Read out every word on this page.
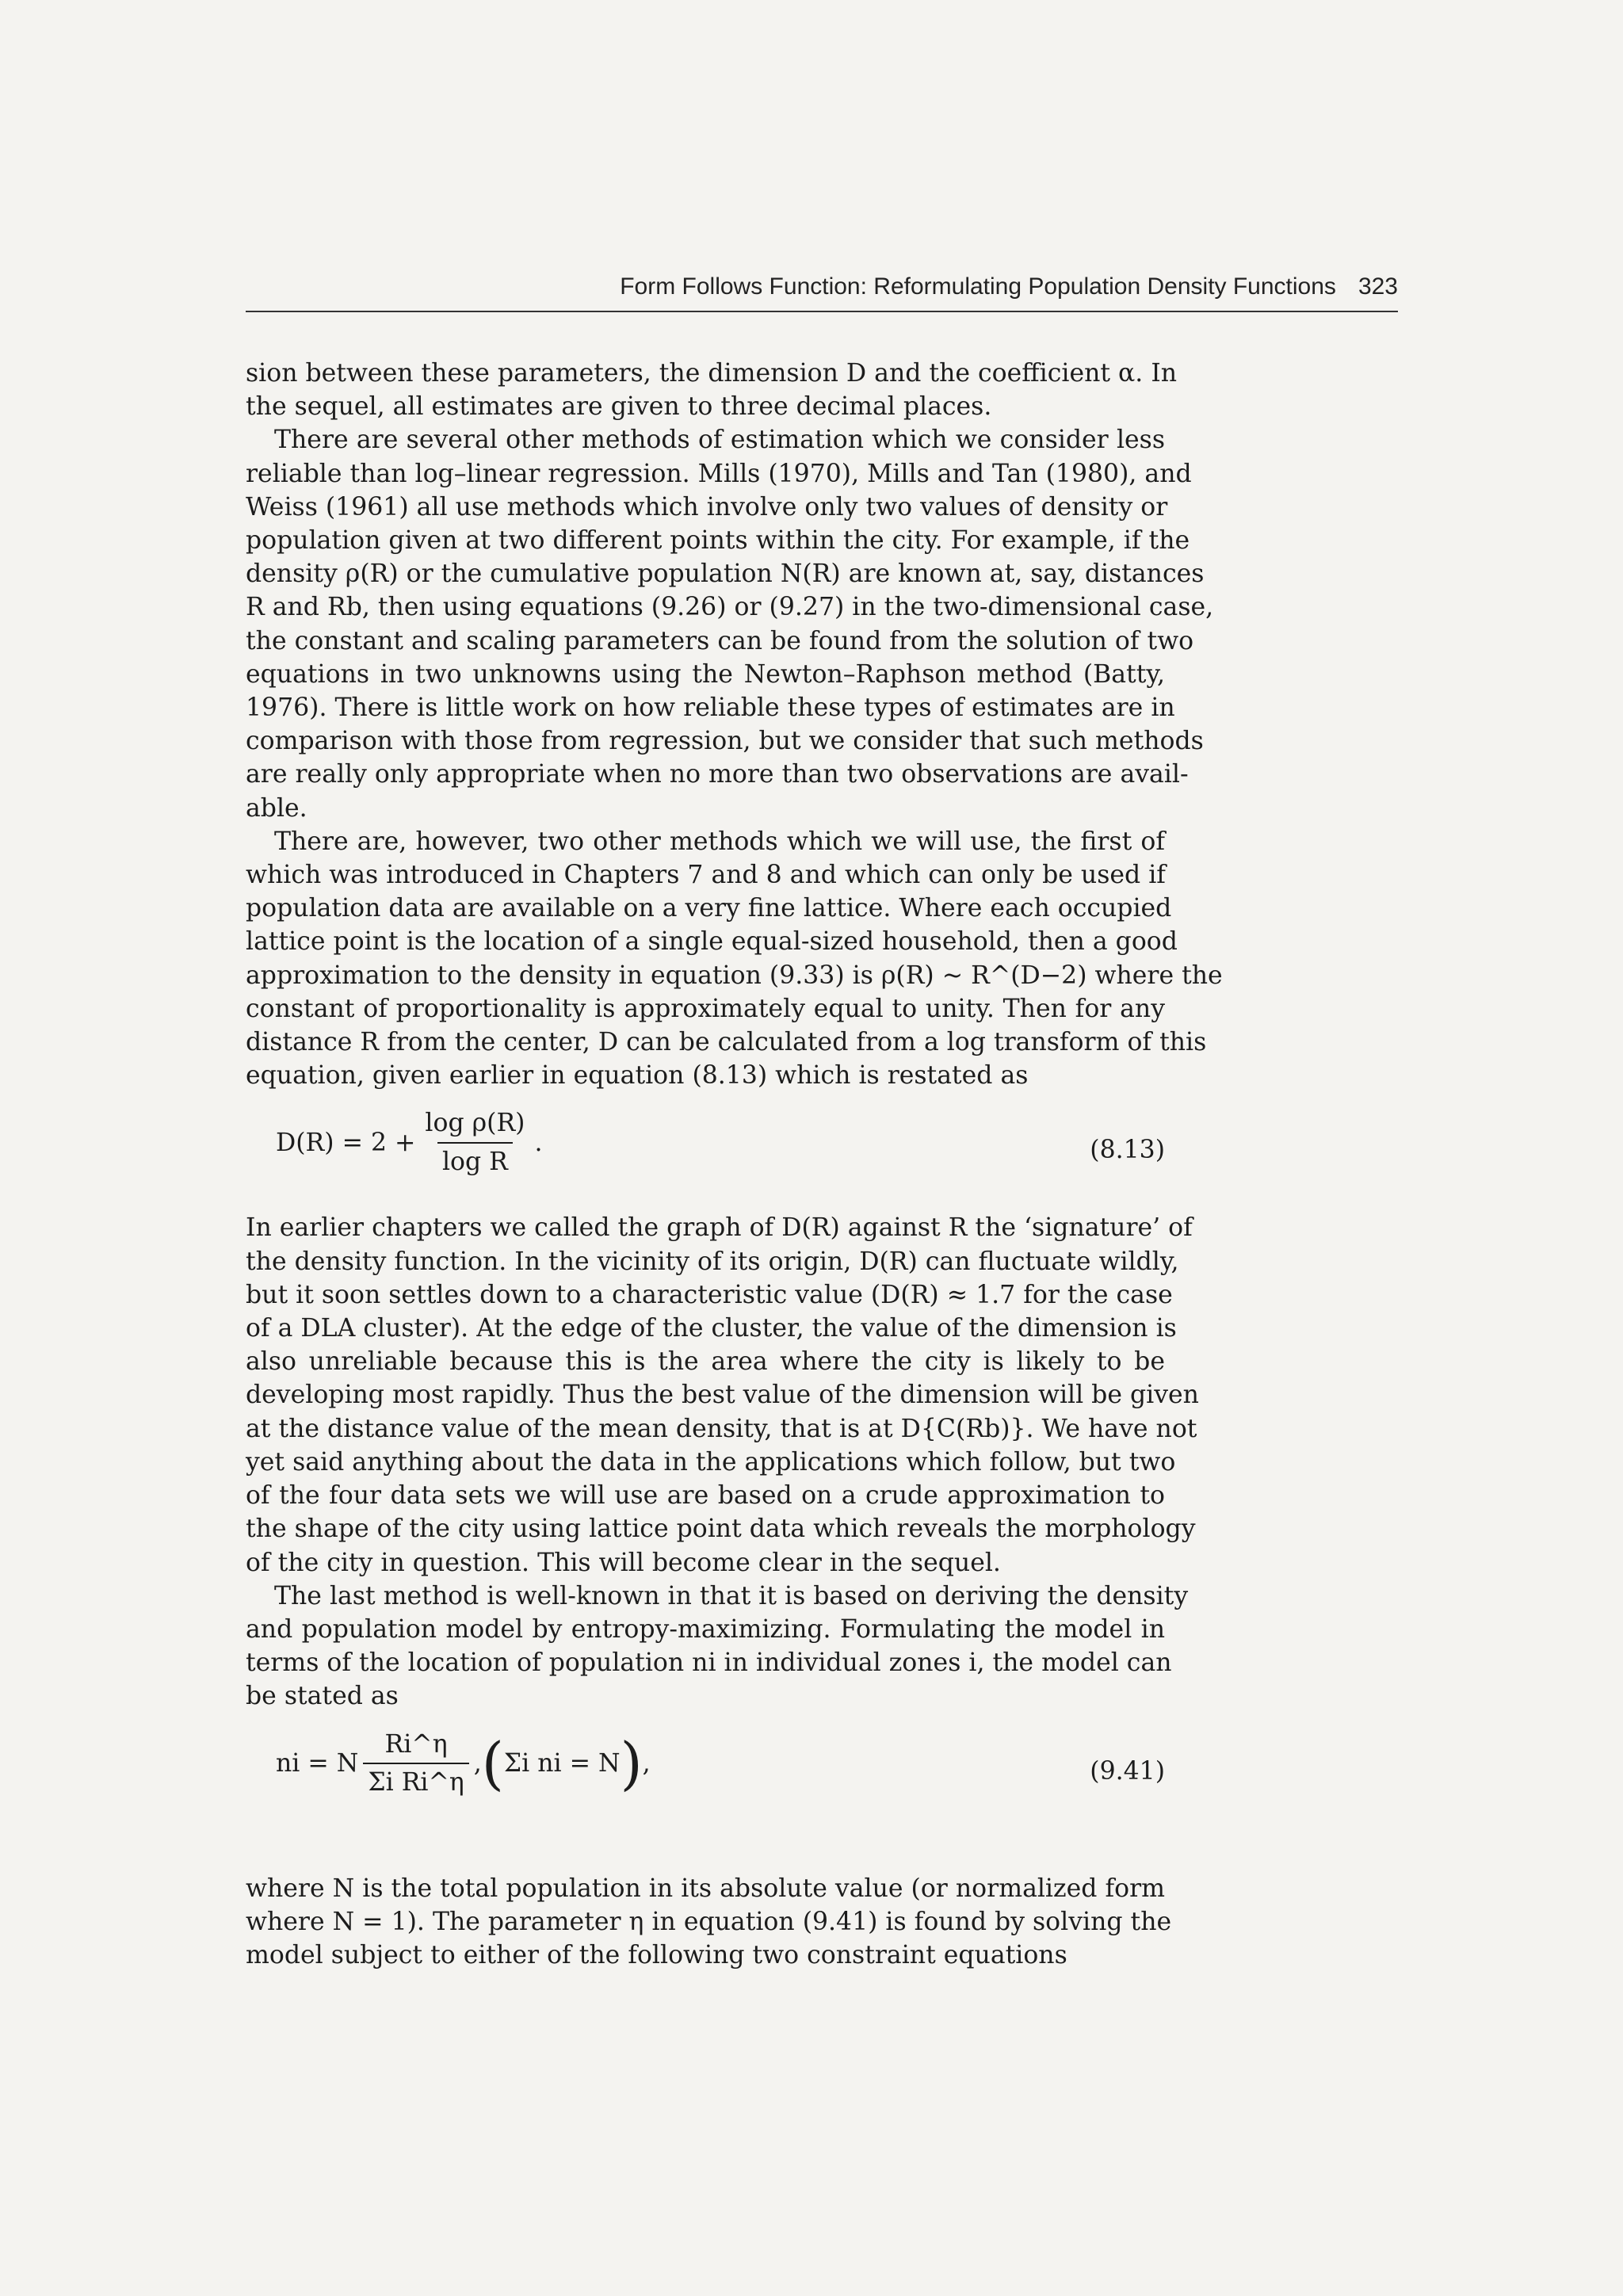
Form Follows Function: Reformulating Population Density Functions 323
sion between these parameters, the dimension D and the coefficient α. In
the sequel, all estimates are given to three decimal places.
There are several other methods of estimation which we consider less
reliable than log–linear regression. Mills (1970), Mills and Tan (1980), and
Weiss (1961) all use methods which involve only two values of density or
population given at two different points within the city. For example, if the
density ρ(R) or the cumulative population N(R) are known at, say, distances
R and Rb, then using equations (9.26) or (9.27) in the two-dimensional case,
the constant and scaling parameters can be found from the solution of two
equations in two unknowns using the Newton–Raphson method (Batty,
1976). There is little work on how reliable these types of estimates are in
comparison with those from regression, but we consider that such methods
are really only appropriate when no more than two observations are avail-
able.
There are, however, two other methods which we will use, the first of
which was introduced in Chapters 7 and 8 and which can only be used if
population data are available on a very fine lattice. Where each occupied
lattice point is the location of a single equal-sized household, then a good
approximation to the density in equation (9.33) is ρ(R) ~ R^(D−2) where the
constant of proportionality is approximately equal to unity. Then for any
distance R from the center, D can be calculated from a log transform of this
equation, given earlier in equation (8.13) which is restated as
$D(R) = 2 + \frac{\text{log ρ(R)}}{\text{log R}}$ .	(8.13)
In earlier chapters we called the graph of D(R) against R the ‘signature’ of
the density function. In the vicinity of its origin, D(R) can fluctuate wildly,
but it soon settles down to a characteristic value (D(R) ≈ 1.7 for the case
of a DLA cluster). At the edge of the cluster, the value of the dimension is
also unreliable because this is the area where the city is likely to be
developing most rapidly. Thus the best value of the dimension will be given
at the distance value of the mean density, that is at D{C(Rb)}. We have not
yet said anything about the data in the applications which follow, but two
of the four data sets we will use are based on a crude approximation to
the shape of the city using lattice point data which reveals the morphology
of the city in question. This will become clear in the sequel.
The last method is well-known in that it is based on deriving the density
and population model by entropy-maximizing. Formulating the model in
terms of the location of population ni in individual zones i, the model can
be stated as
ni = N $\frac{Ri\^{}\eta}{\text{Σi Ri\textasciicircum{}η}}$ , ( Σi ni = N ) ,	(9.41)
where N is the total population in its absolute value (or normalized form
where N = 1). The parameter η in equation (9.41) is found by solving the
model subject to either of the following two constraint equations
